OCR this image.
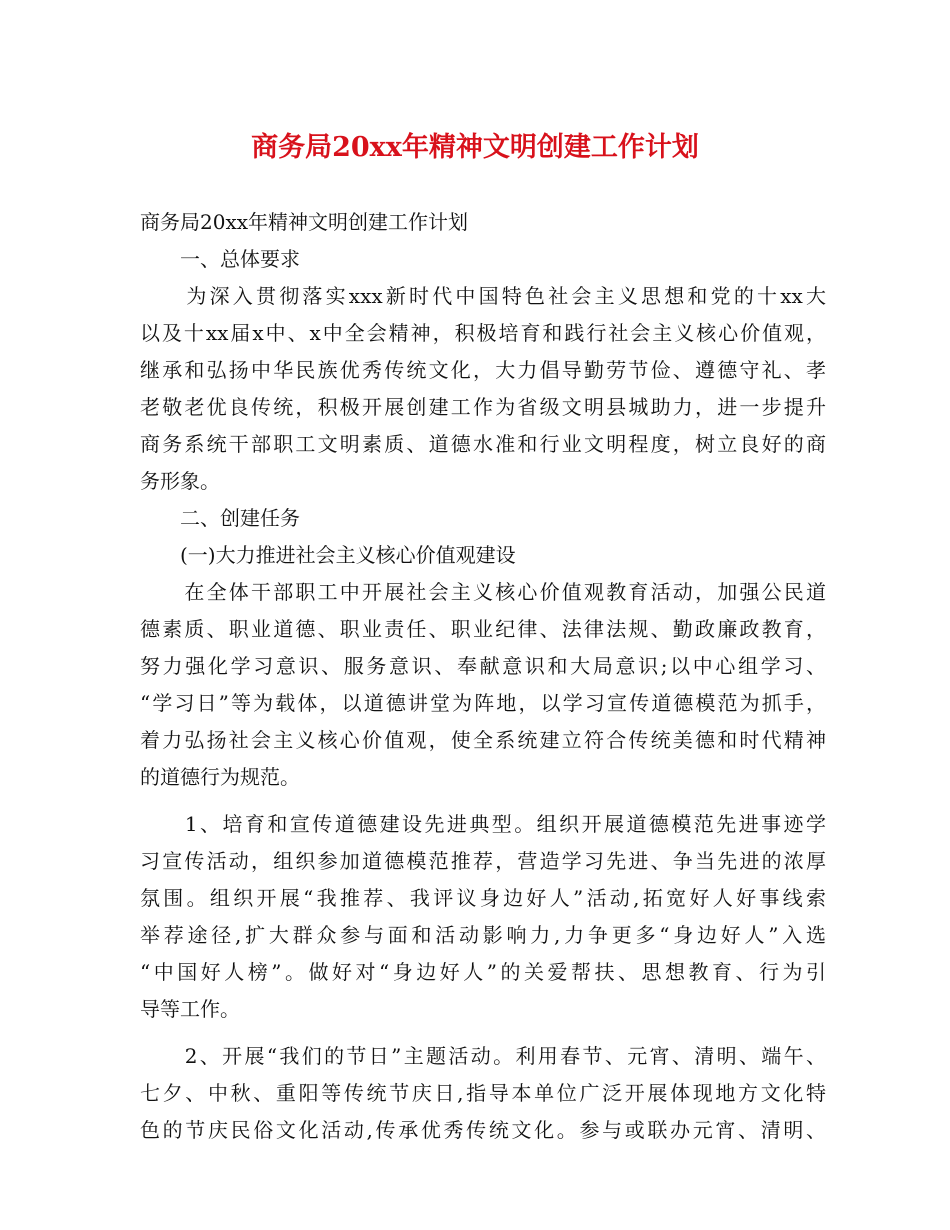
商务局20xx年精神文明创建工作计划
商务局20xx年精神文明创建工作计划
　　一、总体要求
　　为深入贯彻落实xxx新时代中国特色社会主义思想和党的十xx大
以及十xx届x中、x中全会精神，积极培育和践行社会主义核心价值观，
继承和弘扬中华民族优秀传统文化，大力倡导勤劳节俭、遵德守礼、孝
老敬老优良传统，积极开展创建工作为省级文明县城助力，进一步提升
商务系统干部职工文明素质、道德水准和行业文明程度，树立良好的商
务形象。
　　二、创建任务
　　(一)大力推进社会主义核心价值观建设
　　在全体干部职工中开展社会主义核心价值观教育活动，加强公民道
德素质、职业道德、职业责任、职业纪律、法律法规、勤政廉政教育，
努力强化学习意识、服务意识、奉献意识和大局意识;以中心组学习、
“学习日”等为载体，以道德讲堂为阵地，以学习宣传道德模范为抓手，
着力弘扬社会主义核心价值观，使全系统建立符合传统美德和时代精神
的道德行为规范。
　　1、培育和宣传道德建设先进典型。组织开展道德模范先进事迹学
习宣传活动，组织参加道德模范推荐，营造学习先进、争当先进的浓厚
氛围。组织开展“我推荐、我评议身边好人”活动,拓宽好人好事线索
举荐途径,扩大群众参与面和活动影响力,力争更多“身边好人”入选
“中国好人榜”。做好对“身边好人”的关爱帮扶、思想教育、行为引
导等工作。
　　2、开展“我们的节日”主题活动。利用春节、元宵、清明、端午、
七夕、中秋、重阳等传统节庆日,指导本单位广泛开展体现地方文化特
色的节庆民俗文化活动,传承优秀传统文化。参与或联办元宵、清明、
